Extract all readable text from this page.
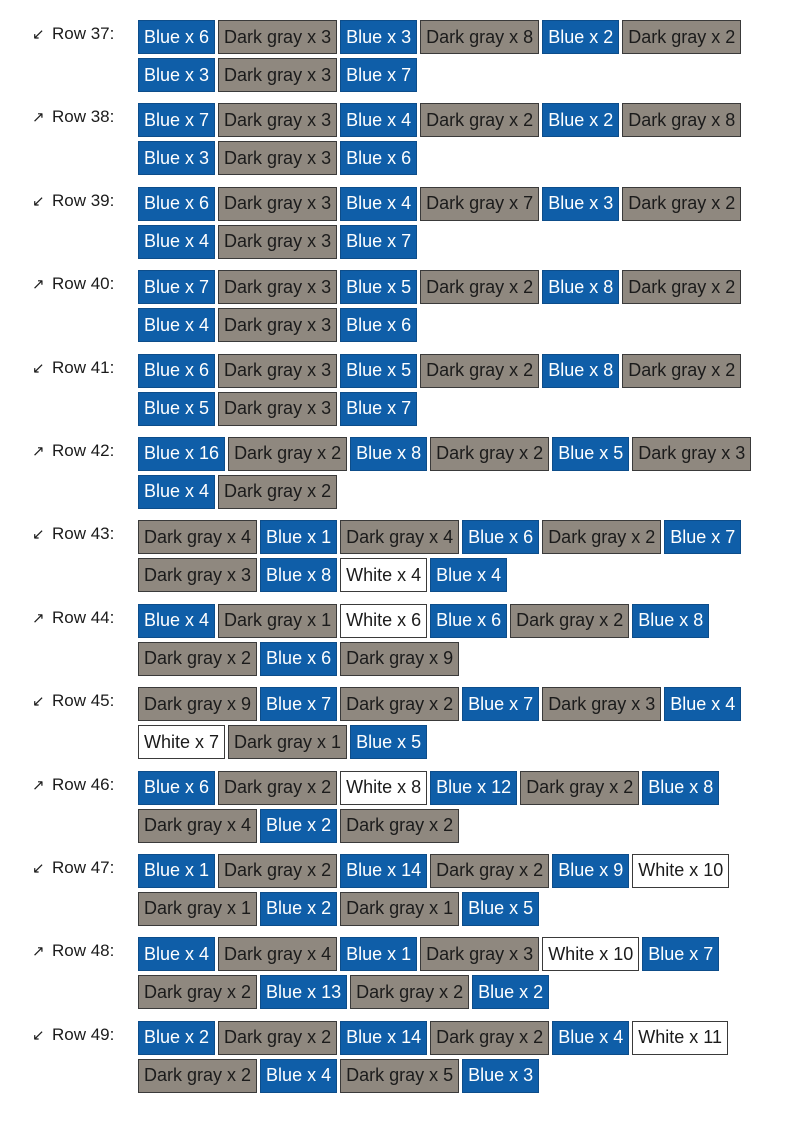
↙ Row 37:	Blue x 6 Dark gray x 3 Blue x 3 Dark gray x 8 Blue x 2 Dark gray x 2
Blue x 3 Dark gray x 3 Blue x 7
↗ Row 38:	Blue x 7 Dark gray x 3 Blue x 4 Dark gray x 2 Blue x 2 Dark gray x 8
Blue x 3 Dark gray x 3 Blue x 6
↙ Row 39:	Blue x 6 Dark gray x 3 Blue x 4 Dark gray x 7 Blue x 3 Dark gray x 2
Blue x 4 Dark gray x 3 Blue x 7
↗ Row 40:	Blue x 7 Dark gray x 3 Blue x 5 Dark gray x 2 Blue x 8 Dark gray x 2
Blue x 4 Dark gray x 3 Blue x 6
↙ Row 41:	Blue x 6 Dark gray x 3 Blue x 5 Dark gray x 2 Blue x 8 Dark gray x 2
Blue x 5 Dark gray x 3 Blue x 7
↗ Row 42:	Blue x 16 Dark gray x 2 Blue x 8 Dark gray x 2 Blue x 5 Dark gray x 3
Blue x 4 Dark gray x 2
↙ Row 43:	Dark gray x 4 Blue x 1 Dark gray x 4 Blue x 6 Dark gray x 2 Blue x 7
Dark gray x 3 Blue x 8 White x 4 Blue x 4
↗ Row 44:	Blue x 4 Dark gray x 1 White x 6 Blue x 6 Dark gray x 2 Blue x 8
Dark gray x 2 Blue x 6 Dark gray x 9
↙ Row 45:	Dark gray x 9 Blue x 7 Dark gray x 2 Blue x 7 Dark gray x 3 Blue x 4
White x 7 Dark gray x 1 Blue x 5
↗ Row 46:	Blue x 6 Dark gray x 2 White x 8 Blue x 12 Dark gray x 2 Blue x 8
Dark gray x 4 Blue x 2 Dark gray x 2
↙ Row 47:	Blue x 1 Dark gray x 2 Blue x 14 Dark gray x 2 Blue x 9 White x 10
Dark gray x 1 Blue x 2 Dark gray x 1 Blue x 5
↗ Row 48:	Blue x 4 Dark gray x 4 Blue x 1 Dark gray x 3 White x 10 Blue x 7
Dark gray x 2 Blue x 13 Dark gray x 2 Blue x 2
↙ Row 49:	Blue x 2 Dark gray x 2 Blue x 14 Dark gray x 2 Blue x 4 White x 11
Dark gray x 2 Blue x 4 Dark gray x 5 Blue x 3
